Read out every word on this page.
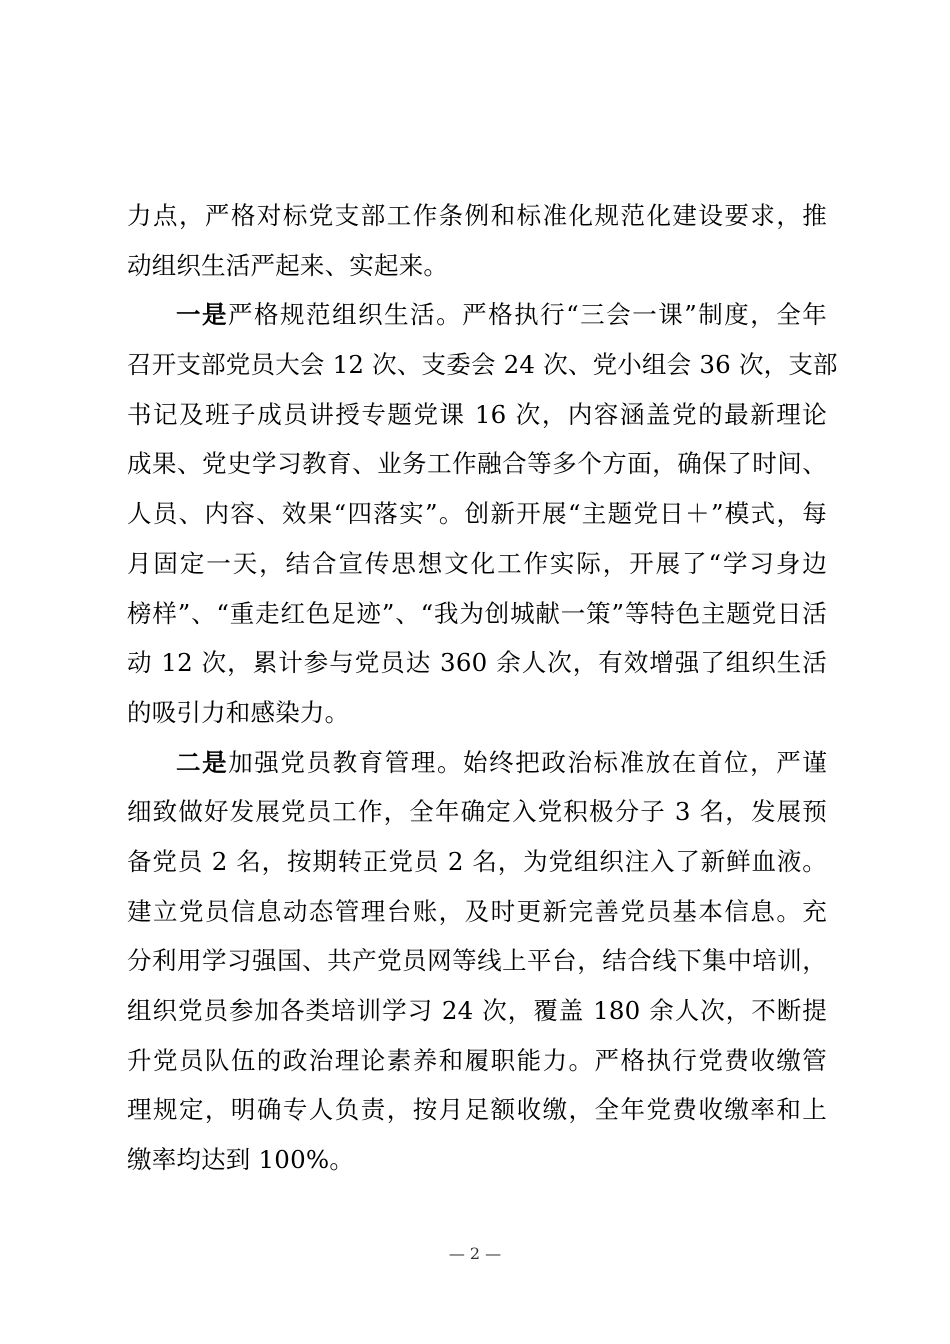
力点，严格对标党支部工作条例和标准化规范化建设要求，推
动组织生活严起来、实起来。
一是严格规范组织生活。严格执行“三会一课”制度，全年
召开支部党员大会 12 次、支委会 24 次、党小组会 36 次，支部
书记及班子成员讲授专题党课 16 次，内容涵盖党的最新理论
成果、党史学习教育、业务工作融合等多个方面，确保了时间、
人员、内容、效果“四落实”。创新开展“主题党日＋”模式，每
月固定一天，结合宣传思想文化工作实际，开展了“学习身边
榜样”、“重走红色足迹”、“我为创城献一策”等特色主题党日活
动 12 次，累计参与党员达 360 余人次，有效增强了组织生活
的吸引力和感染力。
二是加强党员教育管理。始终把政治标准放在首位，严谨
细致做好发展党员工作，全年确定入党积极分子 3 名，发展预
备党员 2 名，按期转正党员 2 名，为党组织注入了新鲜血液。
建立党员信息动态管理台账，及时更新完善党员基本信息。充
分利用学习强国、共产党员网等线上平台，结合线下集中培训，
组织党员参加各类培训学习 24 次，覆盖 180 余人次，不断提
升党员队伍的政治理论素养和履职能力。严格执行党费收缴管
理规定，明确专人负责，按月足额收缴，全年党费收缴率和上
缴率均达到 100%。
— 2 —
